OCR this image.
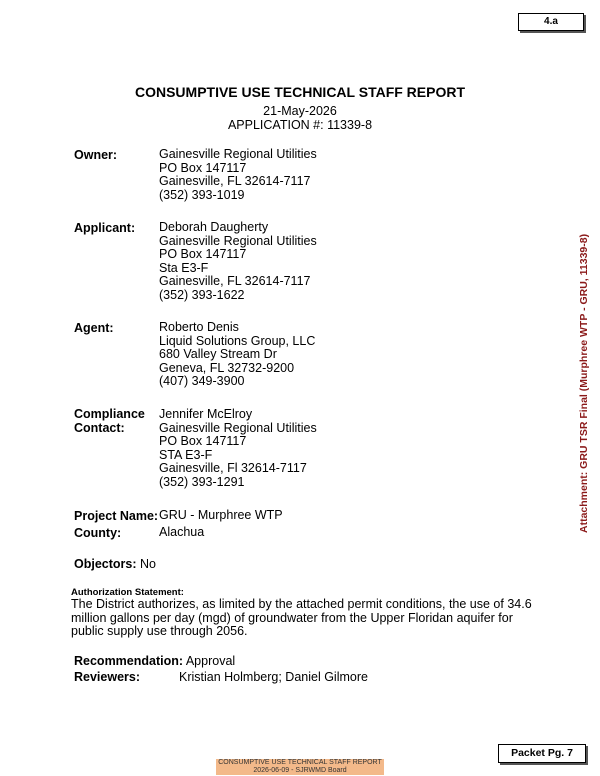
4.a
CONSUMPTIVE USE TECHNICAL STAFF REPORT
21-May-2026
APPLICATION #: 11339-8
Owner:	Gainesville Regional Utilities
PO Box 147117
Gainesville, FL 32614-7117
(352) 393-1019
Applicant: Deborah Daugherty
Gainesville Regional Utilities
PO Box 147117
Sta E3-F
Gainesville, FL 32614-7117
(352) 393-1622
Agent:	Roberto Denis
Liquid Solutions Group, LLC
680 Valley Stream Dr
Geneva, FL 32732-9200
(407) 349-3900
Compliance
Contact:
Jennifer McElroy
Gainesville Regional Utilities
PO Box 147117
STA E3-F
Gainesville, Fl 32614-7117
(352) 393-1291
Project Name: GRU - Murphree WTP
County:	Alachua
Objectors: No
Authorization Statement:
The District authorizes, as limited by the attached permit conditions, the use of 34.6 million gallons per day (mgd) of groundwater from the Upper Floridan aquifer for public supply use through 2056.
Recommendation: Approval
Reviewers:	Kristian Holmberg; Daniel Gilmore
Attachment: GRU TSR Final (Murphree WTP - GRU, 11339-8)
Packet Pg. 7
CONSUMPTIVE USE TECHNICAL STAFF REPORT
2026-06-09 - SJRWMD Board
